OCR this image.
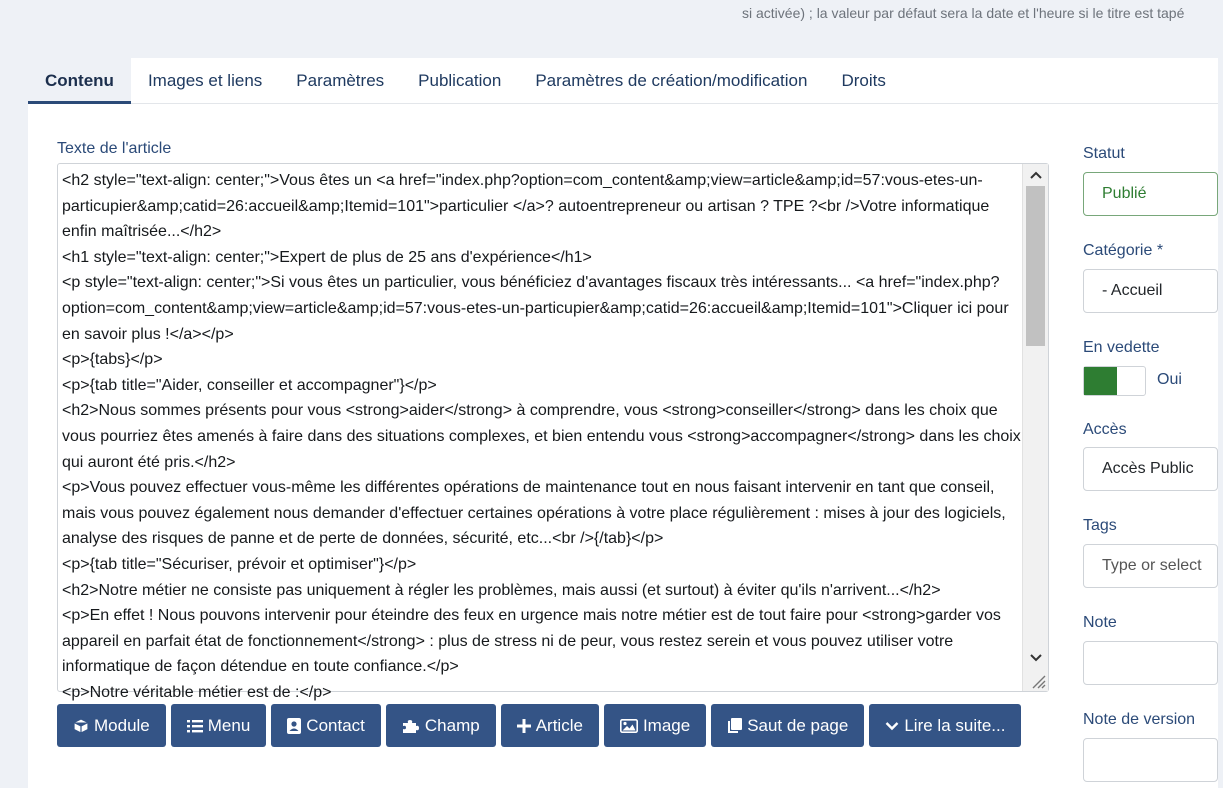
si activée) ; la valeur par défaut sera la date et l'heure si le titre est tapé
Contenu	Images et liens	Paramètres	Publication	Paramètres de création/modification	Droits
Texte de l'article
<h2 style="text-align: center;">Vous êtes un <a href="index.php?option=com_content&amp;view=article&amp;id=57:vous-etes-un-particupier&amp;catid=26:accueil&amp;Itemid=101">particulier </a>? autoentrepreneur ou artisan ? TPE ?<br />Votre informatique enfin maîtrisée...</h2>
<h1 style="text-align: center;">Expert de plus de 25 ans d'expérience</h1>
<p style="text-align: center;">Si vous êtes un particulier, vous bénéficiez d'avantages fiscaux très intéressants... <a href="index.php?option=com_content&amp;view=article&amp;id=57:vous-etes-un-particupier&amp;catid=26:accueil&amp;Itemid=101">Cliquer ici pour en savoir plus !</a></p>
<p>{tabs}</p>
<p>{tab title="Aider, conseiller et accompagner"}</p>
<h2>Nous sommes présents pour vous <strong>aider</strong> à comprendre, vous <strong>conseiller</strong> dans les choix que vous pourriez êtes amenés à faire dans des situations complexes, et bien entendu vous <strong>accompagner</strong> dans les choix qui auront été pris.</h2>
<p>Vous pouvez effectuer vous-même les différentes opérations de maintenance tout en nous faisant intervenir en tant que conseil, mais vous pouvez également nous demander d'effectuer certaines opérations à votre place régulièrement : mises à jour des logiciels, analyse des risques de panne et de perte de données, sécurité, etc...<br />{/tab}</p>
<p>{tab title="Sécuriser, prévoir et optimiser"}</p>
<h2>Notre métier ne consiste pas uniquement à régler les problèmes, mais aussi (et surtout) à éviter qu'ils n'arrivent...</h2>
<p>En effet ! Nous pouvons intervenir pour éteindre des feux en urgence mais notre métier est de tout faire pour <strong>garder vos appareil en parfait état de fonctionnement</strong> : plus de stress ni de peur, vous restez serein et vous pouvez utiliser votre informatique de façon détendue en toute confiance.</p>
<p>Notre véritable métier est de :</p>
Module	Menu	Contact	Champ	Article	Image	Saut de page	Lire la suite...
Statut
Publié
Catégorie *
- Accueil
En vedette
Oui
Accès
Accès Public
Tags
Type or select
Note
Note de version
